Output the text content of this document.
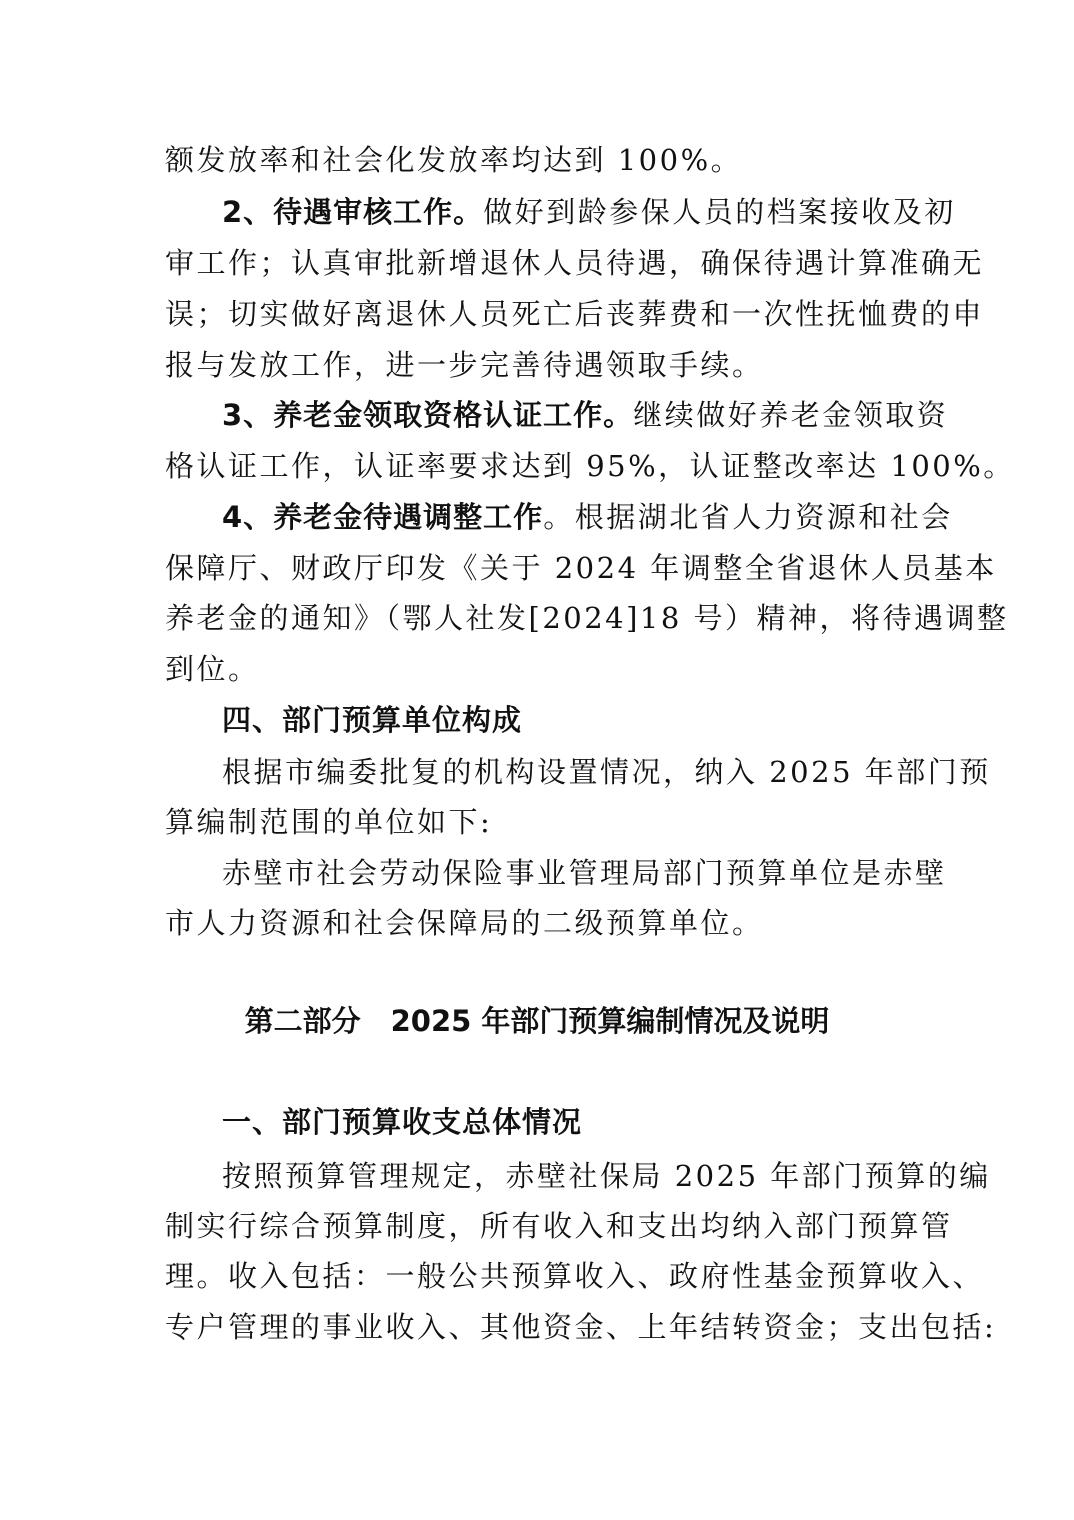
额发放率和社会化发放率均达到 100%。
2、待遇审核工作。做好到龄参保人员的档案接收及初
审工作；认真审批新增退休人员待遇，确保待遇计算准确无
误；切实做好离退休人员死亡后丧葬费和一次性抚恤费的申
报与发放工作，进一步完善待遇领取手续。
3、养老金领取资格认证工作。继续做好养老金领取资
格认证工作，认证率要求达到 95%，认证整改率达 100%。
4、养老金待遇调整工作。根据湖北省人力资源和社会
保障厅、财政厅印发《关于 2024 年调整全省退休人员基本
养老金的通知》（鄂人社发[2024]18 号）精神，将待遇调整
到位。
四、部门预算单位构成
根据市编委批复的机构设置情况，纳入 2025 年部门预
算编制范围的单位如下:
赤壁市社会劳动保险事业管理局部门预算单位是赤壁
市人力资源和社会保障局的二级预算单位。
第二部分 2025 年部门预算编制情况及说明
一、部门预算收支总体情况
按照预算管理规定，赤壁社保局 2025 年部门预算的编
制实行综合预算制度，所有收入和支出均纳入部门预算管
理。收入包括：一般公共预算收入、政府性基金预算收入、
专户管理的事业收入、其他资金、上年结转资金；支出包括:
